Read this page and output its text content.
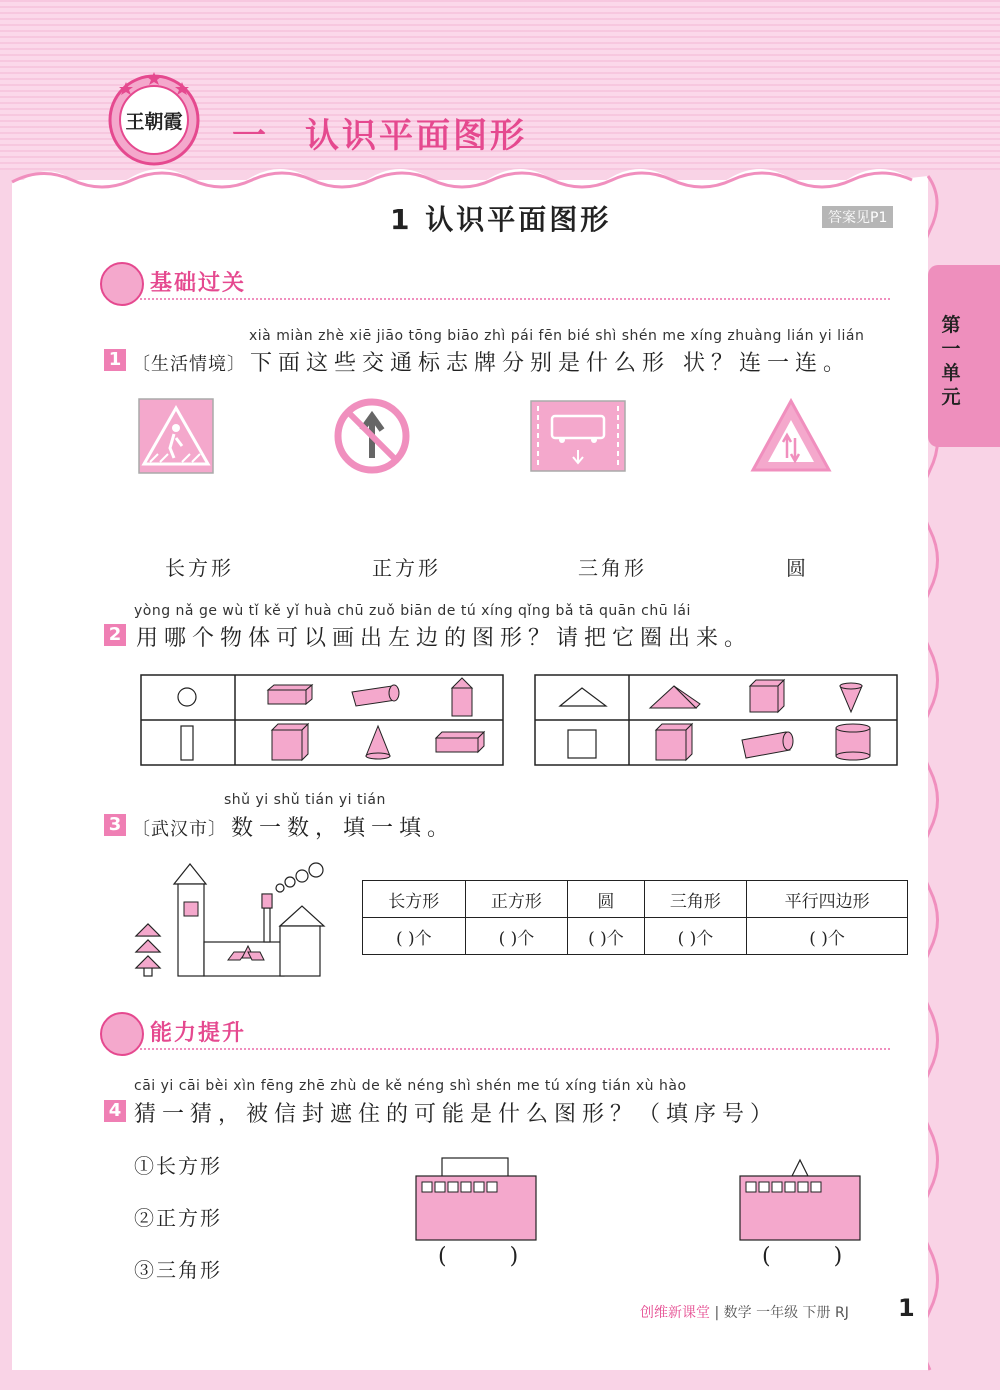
王朝霞 一 认识平面图形
1 认识平面图形	答案见P1
第一单元
基础过关
xià miàn zhè xiē jiāo tōng biāo zhì pái fēn bié shì shén me xíng zhuàng lián yi lián
1 〔生活情境〕 下面这些交通标志牌分别是什么形 状？连一连。
长方形	正方形	三角形	圆
yòng nǎ ge wù tǐ kě yǐ huà chū zuǒ biān de tú xíng qǐng bǎ tā quān chū lái
2 用哪个物体可以画出左边的图形？请把它圈出来。
shǔ yi shǔ tián yi tián
3 〔武汉市〕 数一数，填一填。
长方形	正方形	圆	三角形	平行四边形
( )个	( )个	( )个	( )个	( )个
能力提升
cāi yi cāi bèi xìn fēng zhē zhù de kě néng shì shén me tú xíng tián xù hào
4 猜一猜，被信封遮住的可能是什么图形？（填序号）
①长方形
②正方形
③三角形
( )	( )
创维新课堂 | 数学 一年级 下册 RJ 1
